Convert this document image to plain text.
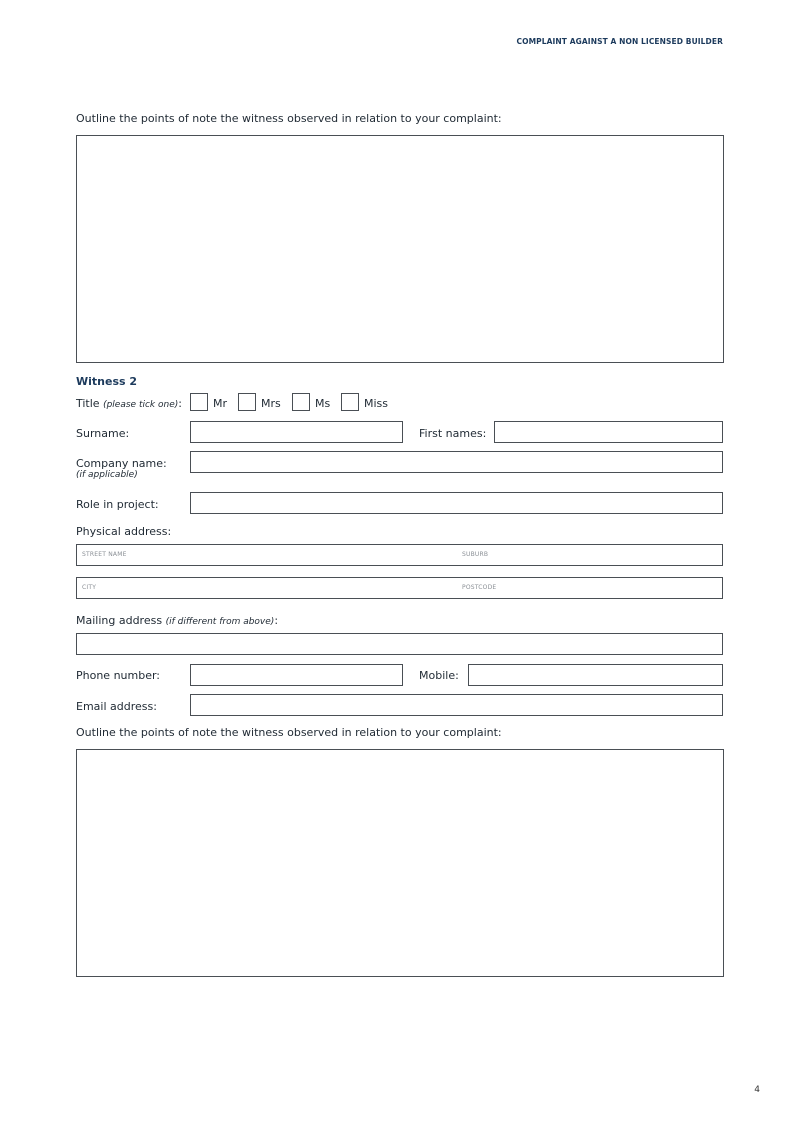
COMPLAINT AGAINST A NON LICENSED BUILDER
Outline the points of note the witness observed in relation to your complaint:
Witness 2
Title (please tick one):	Mr	Mrs	Ms	Miss
Surname:	First names:
Company name:
(if applicable)
Role in project:
Physical address:
STREET NAME	SUBURB
CITY	POSTCODE
Mailing address (if different from above):
Phone number:	Mobile:
Email address:
Outline the points of note the witness observed in relation to your complaint:
4
